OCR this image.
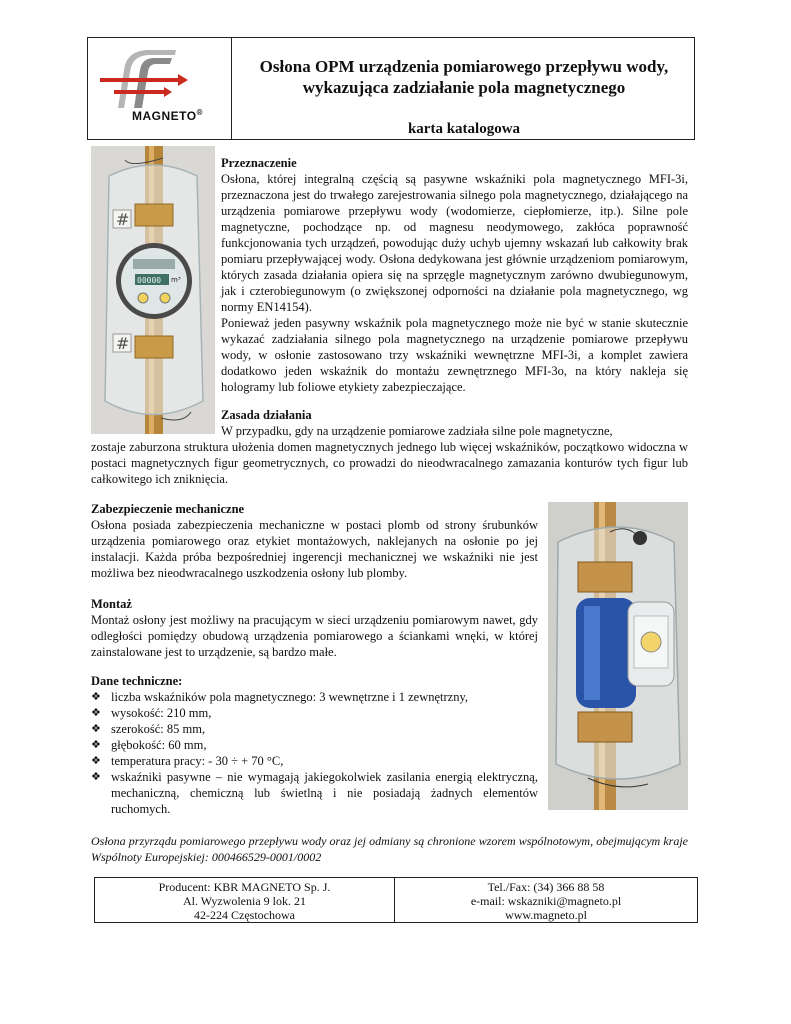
MAGNETO®
Osłona OPM urządzenia pomiarowego przepływu wody,
wykazująca zadziałanie pola magnetycznego
karta katalogowa
00000 m³
#
#
Przeznaczenie

Osłona, której integralną częścią są pasywne wskaźniki pola magnetycznego MFI-3i, przeznaczona jest do trwałego zarejestrowania silnego pola magnetycznego, działającego na urządzenia pomiarowe przepływu wody (wodomierze, ciepłomierze, itp.). Silne pole magnetyczne, pochodzące np. od magnesu neodymowego, zakłóca poprawność funkcjonowania tych urządzeń, powodując duży uchyb ujemny wskazań lub całkowity brak pomiaru przepływającej wody. Osłona dedykowana jest głównie urządzeniom pomiarowym, których zasada działania opiera się na sprzęgle magnetycznym zarówno dwubiegunowym, jak i czterobiegunowym (o zwiększonej odporności na działanie pola magnetycznego, wg normy EN14154).

Ponieważ jeden pasywny wskaźnik pola magnetycznego może nie być w stanie skutecznie wykazać zadziałania silnego pola magnetycznego na urządzenie pomiarowe przepływu wody, w osłonie zastosowano trzy wskaźniki wewnętrzne MFI-3i, a komplet zawiera dodatkowo jeden wskaźnik do montażu zewnętrznego MFI-3o, na który nakleja się hologramy lub foliowe etykiety zabezpieczające.

Zasada działania

W przypadku, gdy na urządzenie pomiarowe zadziała silne pole magnetyczne,
zostaje zaburzona struktura ułożenia domen magnetycznych jednego lub więcej wskaźników, początkowo widoczna w postaci magnetycznych figur geometrycznych, co prowadzi do nieodwracalnego zamazania konturów tych figur lub całkowitego ich zniknięcia.

Zabezpieczenie mechaniczne

Osłona posiada zabezpieczenia mechaniczne w postaci plomb od strony śrubunków urządzenia pomiarowego oraz etykiet montażowych, naklejanych na osłonie po jej instalacji. Każda próba bezpośredniej ingerencji mechanicznej we wskaźniki nie jest możliwa bez nieodwracalnego uszkodzenia osłony lub plomby.

Montaż

Montaż osłony jest możliwy na pracującym w sieci urządzeniu pomiarowym nawet, gdy odległości pomiędzy obudową urządzenia pomiarowego a ściankami wnęki, w której zainstalowane jest to urządzenie, są bardzo małe.

Dane techniczne:
❖ liczba wskaźników pola magnetycznego: 3 wewnętrzne i 1 zewnętrzny,
❖ wysokość: 210 mm,
❖ szerokość: 85 mm,
❖ głębokość: 60 mm,
❖ temperatura pracy: - 30 ÷ + 70 °C,
❖ wskaźniki pasywne – nie wymagają jakiegokolwiek zasilania energią elektryczną, mechaniczną, chemiczną lub świetlną i nie posiadają żadnych elementów ruchomych.
Osłona przyrządu pomiarowego przepływu wody oraz jej odmiany są chronione wzorem wspólnotowym, obejmującym kraje Wspólnoty Europejskiej: 000466529-0001/0002
Producent: KBR MAGNETO Sp. J.
Al. Wyzwolenia 9 lok. 21
42-224 Częstochowa
Tel./Fax: (34) 366 88 58
e-mail: wskazniki@magneto.pl
www.magneto.pl
